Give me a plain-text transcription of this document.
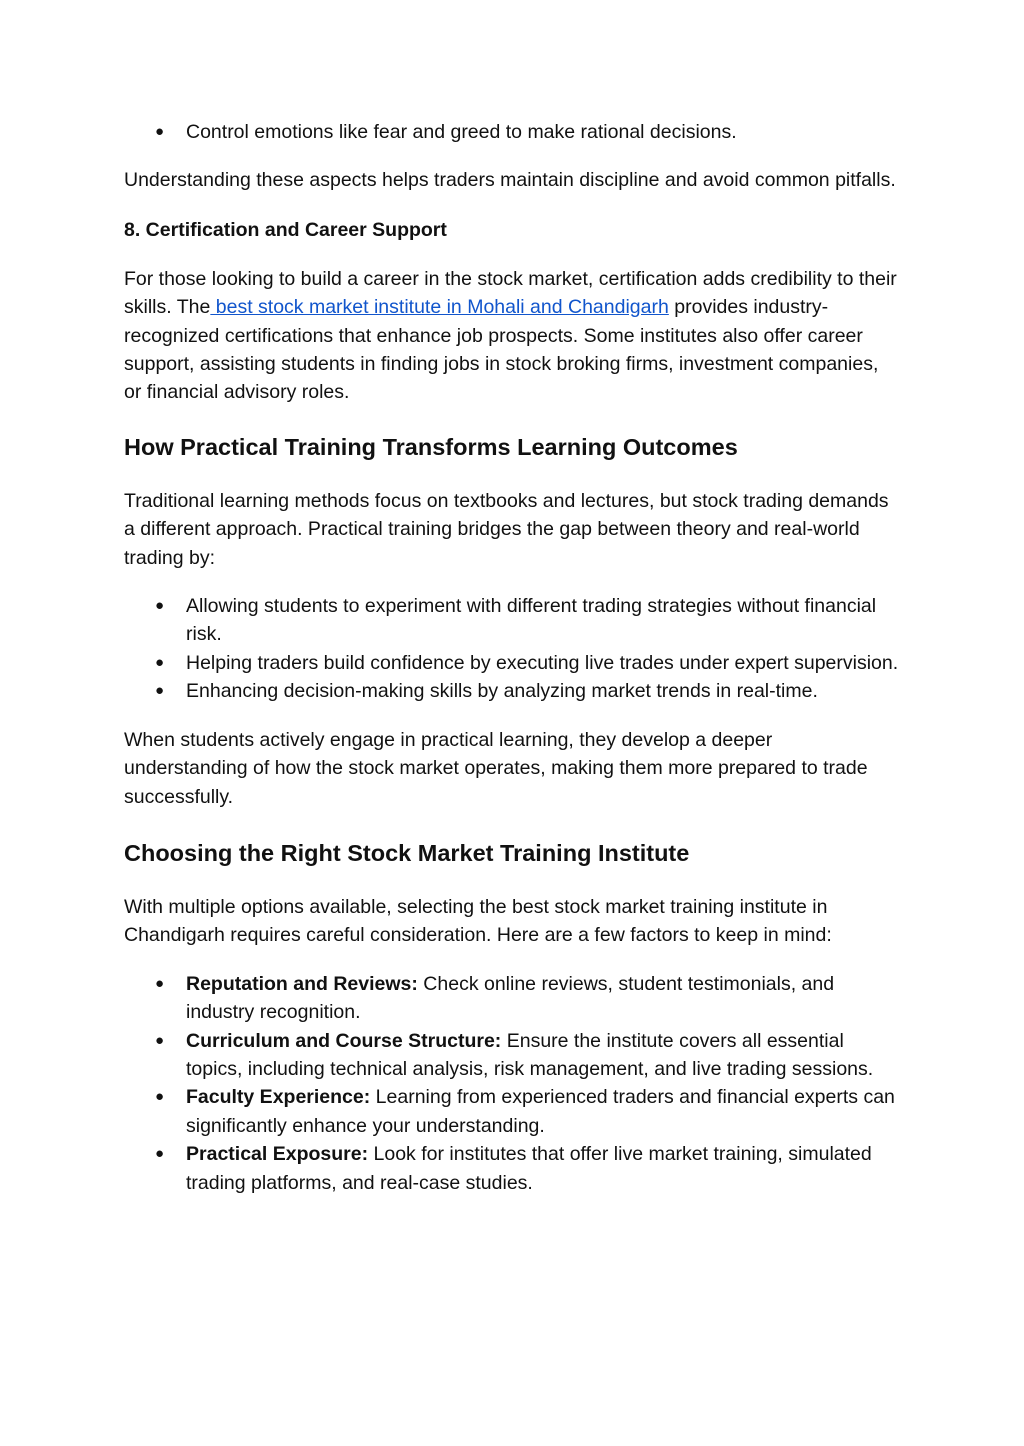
● Control emotions like fear and greed to make rational decisions.

Understanding these aspects helps traders maintain discipline and avoid common pitfalls.

8. Certification and Career Support

For those looking to build a career in the stock market, certification adds credibility to their skills. The best stock market institute in Mohali and Chandigarh provides industry-recognized certifications that enhance job prospects. Some institutes also offer career support, assisting students in finding jobs in stock broking firms, investment companies, or financial advisory roles.

How Practical Training Transforms Learning Outcomes

Traditional learning methods focus on textbooks and lectures, but stock trading demands a different approach. Practical training bridges the gap between theory and real-world trading by:

● Allowing students to experiment with different trading strategies without financial risk.
● Helping traders build confidence by executing live trades under expert supervision.
● Enhancing decision-making skills by analyzing market trends in real-time.

When students actively engage in practical learning, they develop a deeper understanding of how the stock market operates, making them more prepared to trade successfully.

Choosing the Right Stock Market Training Institute

With multiple options available, selecting the best stock market training institute in Chandigarh requires careful consideration. Here are a few factors to keep in mind:

● Reputation and Reviews: Check online reviews, student testimonials, and industry recognition.
● Curriculum and Course Structure: Ensure the institute covers all essential topics, including technical analysis, risk management, and live trading sessions.
● Faculty Experience: Learning from experienced traders and financial experts can significantly enhance your understanding.
● Practical Exposure: Look for institutes that offer live market training, simulated trading platforms, and real-case studies.
